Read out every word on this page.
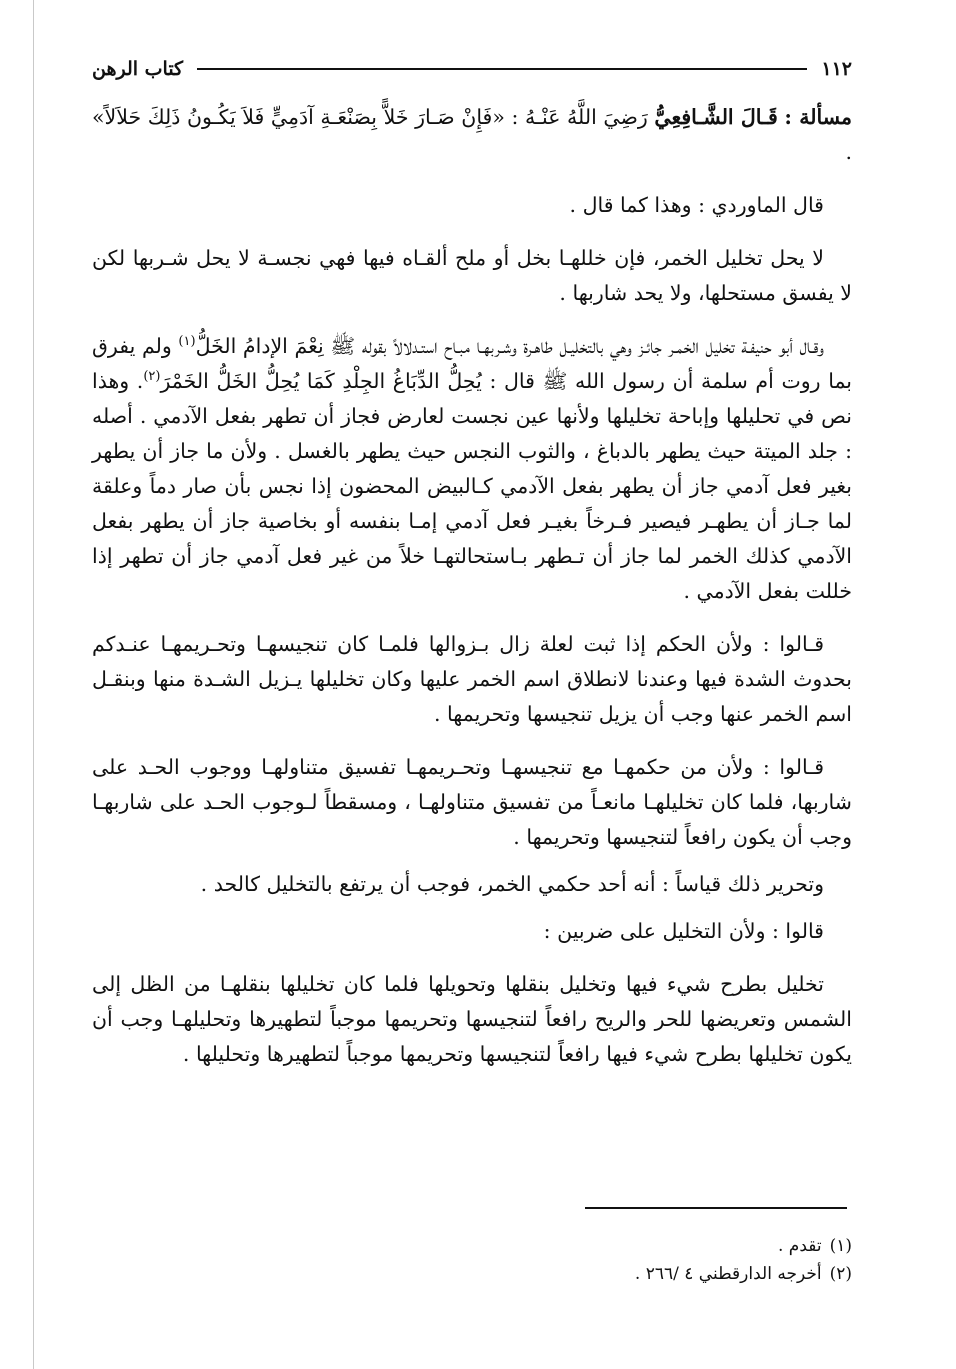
١١٢
كتاب الرهن

مسألة : قَـالَ الشَّـافِعِيُّ رَضِيَ اللَّهُ عَنْـهُ : «فَإِنْ صَـارَ خَلاًّ بِصَنْعَـةِ آدَمِيٍّ فَلاَ يَكُـونُ ذَلِكَ حَلاَلاً» .

قال الماوردي : وهذا كما قال .

لا يحل تخليل الخمر، فإن خللهـا بخل أو ملح ألقـاه فيها فهي نجسـة لا يحل شـربها لكن لا يفسق مستحلها، ولا يحد شاربها .

وقـال أبو حنيفـة تخليل الخمـر جائـز وهي بالتخليـل طاهـرة وشـربهـا مبـاح استـدلالاً بقوله ﷺ نِعْمَ الإدامُ الخَلُّ$^{(١)}$ ولم يفرق بما روت أم سلمة أن رسول الله ﷺ قال : يُحِلُّ الدِّبَاغُ الجِلْدِ كَمَا يُحِلُّ الخَلُّ الخَمْرَ$^{(٢)}$. وهذا نص في تحليلها وإباحة تخليلها ولأنها عين نجست لعارض فجاز أن تطهر بفعل الآدمي . أصله : جلد الميتة حيث يطهر بالدباغ ، والثوب النجس حيث يطهر بالغسل . ولأن ما جاز أن يطهر بغير فعل آدمي جاز أن يطهر بفعل الآدمي كـالبيض المحضون إذا نجس بأن صار دماً وعلقة لما جـاز أن يطهـر فيصير فـرخاً بغيـر فعل آدمي إمـا بنفسه أو بخاصية جاز أن يطهر بفعل الآدمي كذلك الخمر لما جاز أن تـطهر بـاستحالتهـا خلاً من غير فعل آدمي جاز أن تطهر إذا خللت بفعل الآدمي .

قـالوا : ولأن الحكم إذا ثبت لعلة زال بـزوالها فلمـا كان تنجيسهـا وتحـريمهـا عنـدكم بحدوث الشدة فيها وعندنا لانطلاق اسم الخمر عليها وكان تخليلها يـزيل الشـدة منها وبنقـل اسم الخمر عنها وجب أن يزيل تنجيسها وتحريمها .

قـالوا : ولأن من حكمهـا مع تنجيسهـا وتحـريمهـا تفسيق متناولهـا ووجوب الحـد على شاربها، فلما كان تخليلهـا مانعـاً من تفسيق متناولهـا ، ومسقطاً لـوجوب الحـد على شاربهـا وجب أن يكون رافعاً لتنجيسها وتحريمها .

وتحرير ذلك قياساً : أنه أحد حكمي الخمر، فوجب أن يرتفع بالتخليل كالحد .

قالوا : ولأن التخليل على ضربين :

تخليل بطرح شيء فيها وتخليل بنقلها وتحويلها فلما كان تخليلها بنقلهـا من الظل إلى الشمس وتعريضها للحر والريح رافعاً لتنجيسها وتحريمها موجباً لتطهيرها وتحليلهـا وجب أن يكون تخليلها بطرح شيء فيها رافعاً لتنجيسها وتحريمها موجباً لتطهيرها وتحليلها .

(١)تقدم .
(٢)أخرجه الدارقطني ٤ /٢٦٦ .
